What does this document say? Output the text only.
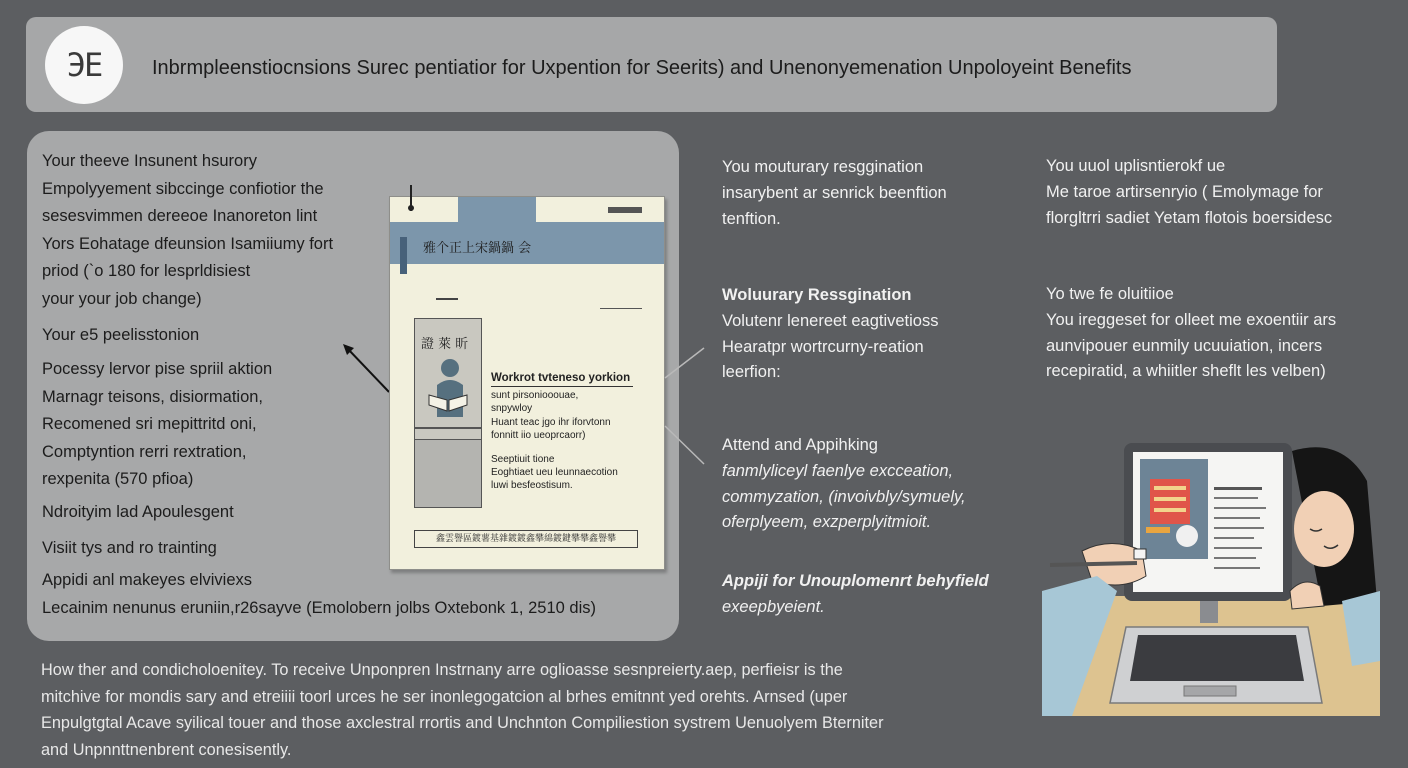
ЭE	Inbrmpleenstiocnsions Surec pentiatior for Uxpention for Seerits) and Unenonyemenation Unpoloyeint Benefits
Your theeve Insunent hsurory
Empolyyement sibccinge confiotior the
sesesvimmen dereeoe Inanoreton lint
Yors Eohatage dfeunsion Isamiiumy fort
priod (`o 180 for lesprldisiest
your your job change)
Your e5 peelisstonion
Pocessy lervor pise spriil aktion
Marnagr teisons, disiormation,
Recomened sri mepittritd oni,
Comptyntion rerri rextration,
rexpenita (570 pfioa)
Ndroityim lad Apoulesgent
Visiit tys and ro trainting
Appidi anl makeyes elviviexs
Lecainim nenunus eruniin,r26sayve (Emolobern jolbs Oxtebonk 1, 2510 dis)
雅个正上宋鍋鍋 会
證 萊 昕
Workrot tvteneso yorkion
sunt pirsoniooouae,
snpywloy
Huant teac jgo ihr iforvtonn
fonnitt iio ueoprcaorr)
Seeptiuit tione
Eoghtiaet ueu leunnaecotion
luwi besfeostisum.
鑫雲譽區鍍薯基雜鍍鍍鑫攀綿鍍鍵攀攀鑫譽攀
You mouturary resggination
insarybent ar senrick beenftion
tenftion.
Woluurary Ressgination
Volutenr lenereet eagtivetioss
Hearatpr wortrcurny-reation
leerfion:
Attend and Appihking
fanmlyliceyl faenlye excceation,
commyzation, (invoivbly/symuely,
oferplyeem, exzperplyitmioit.
Appiji for Unouplomenrt behyfield
exeepbyeient.
You uuol uplisntierokf ue
Me taroe artirsenryio ( Emolymage for
florgltrri sadiet Yetam flotois boersidesc
Yo twe fe oluitiioe
You ireggeset for olleet me exoentiir ars
aunvipouer eunmily ucuuiation, incers
recepiratid, a whiitler sheflt les velben)
How ther and condicholoenitey. To receive Unponpren Instrnany arre oglioasse sesnpreierty.aep, perfieisr is the
mitchive for mondis sary and etreiiii toorl urces he ser inonlegogatcion al brhes emitnnt yed orehts. Arnsed (uper
Enpulgtgtal Acave syilical touer and those axclestral rrortis and Unchnton Compiliestion systrem Uenuolyem Bterniter
and Unpnnttnenbrent conesisently.
